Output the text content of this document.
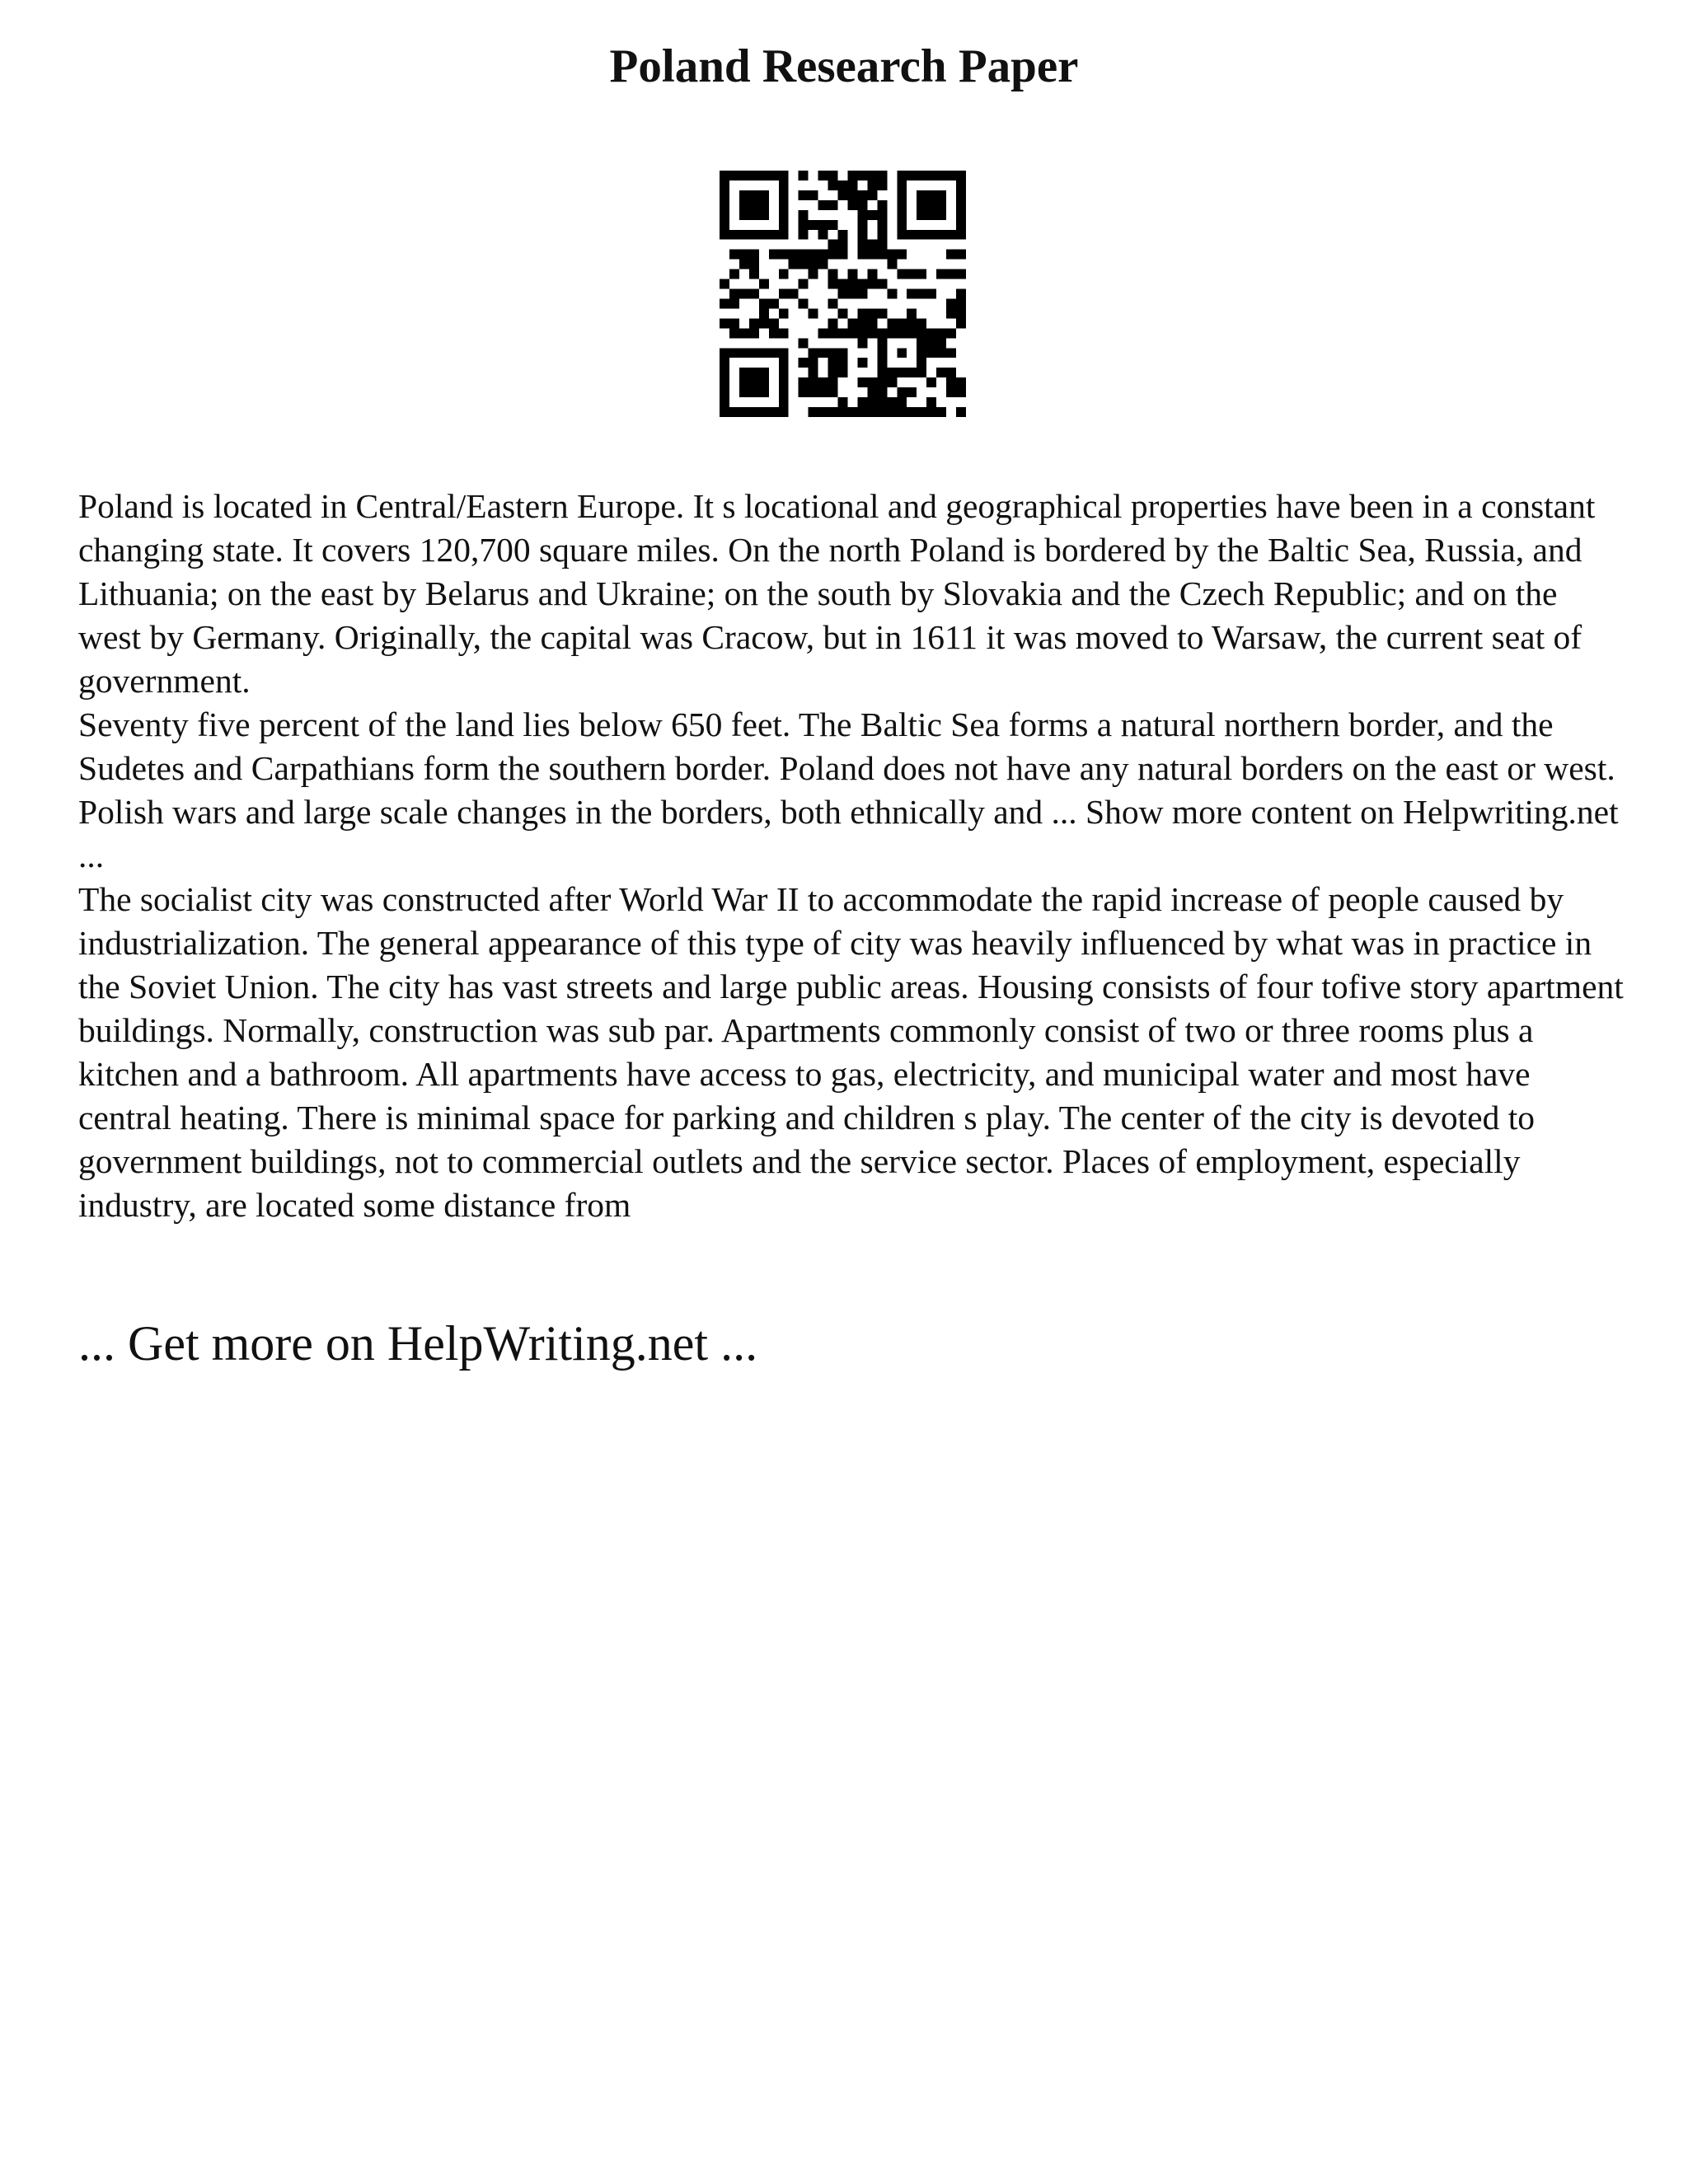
Poland Research Paper

Poland is located in Central/Eastern Europe. It s locational and geographical properties have been in a constant changing state. It covers 120,700 square miles. On the north Poland is bordered by the Baltic Sea, Russia, and Lithuania; on the east by Belarus and Ukraine; on the south by Slovakia and the Czech Republic; and on the west by Germany. Originally, the capital was Cracow, but in 1611 it was moved to Warsaw, the current seat of government.

Seventy five percent of the land lies below 650 feet. The Baltic Sea forms a natural northern border, and the Sudetes and Carpathians form the southern border. Poland does not have any natural borders on the east or west. Polish wars and large scale changes in the borders, both ethnically and ... Show more content on Helpwriting.net ...

The socialist city was constructed after World War II to accommodate the rapid increase of people caused by industrialization. The general appearance of this type of city was heavily influenced by what was in practice in the Soviet Union. The city has vast streets and large public areas. Housing consists of four tofive story apartment buildings. Normally, construction was sub par. Apartments commonly consist of two or three rooms plus a kitchen and a bathroom. All apartments have access to gas, electricity, and municipal water and most have central heating. There is minimal space for parking and children s play. The center of the city is devoted to government buildings, not to commercial outlets and the service sector. Places of employment, especially industry, are located some distance from

... Get more on HelpWriting.net ...
